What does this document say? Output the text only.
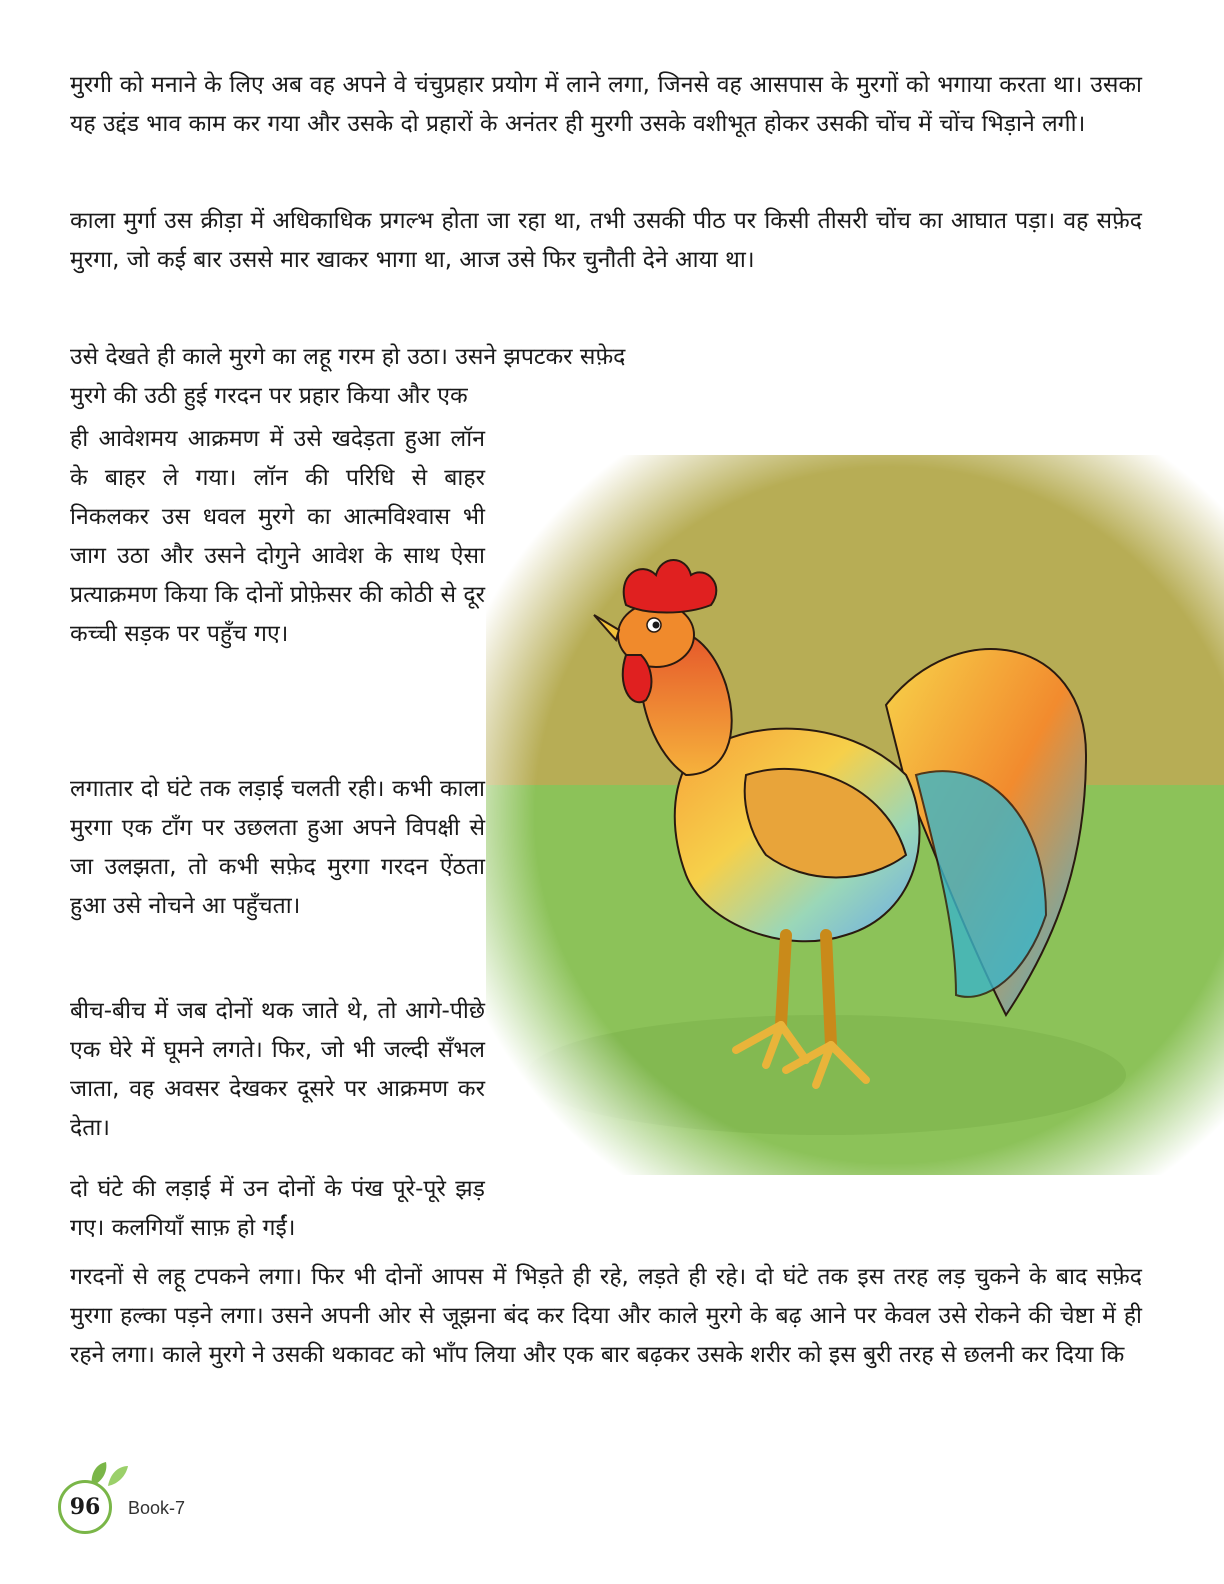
मुरगी को मनाने के लिए अब वह अपने वे चंचुप्रहार प्रयोग में लाने लगा, जिनसे वह आसपास के मुरगों को भगाया करता था। उसका यह उद्दंड भाव काम कर गया और उसके दो प्रहारों के अनंतर ही मुरगी उसके वशीभूत होकर उसकी चोंच में चोंच भिड़ाने लगी।

काला मुर्गा उस क्रीड़ा में अधिकाधिक प्रगल्भ होता जा रहा था, तभी उसकी पीठ पर किसी तीसरी चोंच का आघात पड़ा। वह सफ़ेद मुरगा, जो कई बार उससे मार खाकर भागा था, आज उसे फिर चुनौती देने आया था।

उसे देखते ही काले मुरगे का लहू गरम हो उठा। उसने झपटकर सफ़ेद

मुरगे की उठी हुई गरदन पर प्रहार किया और एक

ही आवेशमय आक्रमण में उसे खदेड़ता हुआ लॉन के बाहर ले गया। लॉन की परिधि से बाहर निकलकर उस धवल मुरगे का आत्मविश्वास भी जाग उठा और उसने दोगुने आवेश के साथ ऐसा प्रत्याक्रमण किया कि दोनों प्रोफ़ेसर की कोठी से दूर कच्ची सड़क पर पहुँच गए।

लगातार दो घंटे तक लड़ाई चलती रही। कभी काला मुरगा एक टाँग पर उछलता हुआ अपने विपक्षी से जा उलझता, तो कभी सफ़ेद मुरगा गरदन ऐंठता हुआ उसे नोचने आ पहुँचता।

बीच-बीच में जब दोनों थक जाते थे, तो आगे-पीछे एक घेरे में घूमने लगते। फिर, जो भी जल्दी सँभल जाता, वह अवसर देखकर दूसरे पर आक्रमण कर देता।

दो घंटे की लड़ाई में उन दोनों के पंख पूरे-पूरे झड़ गए। कलगियाँ साफ़ हो गईं।

गरदनों से लहू टपकने लगा। फिर भी दोनों आपस में भिड़ते ही रहे, लड़ते ही रहे। दो घंटे तक इस तरह लड़ चुकने के बाद सफ़ेद मुरगा हल्का पड़ने लगा। उसने अपनी ओर से जूझना बंद कर दिया और काले मुरगे के बढ़ आने पर केवल उसे रोकने की चेष्टा में ही रहने लगा। काले मुरगे ने उसकी थकावट को भाँप लिया और एक बार बढ़कर उसके शरीर को इस बुरी तरह से छलनी कर दिया कि

96	Book-7
